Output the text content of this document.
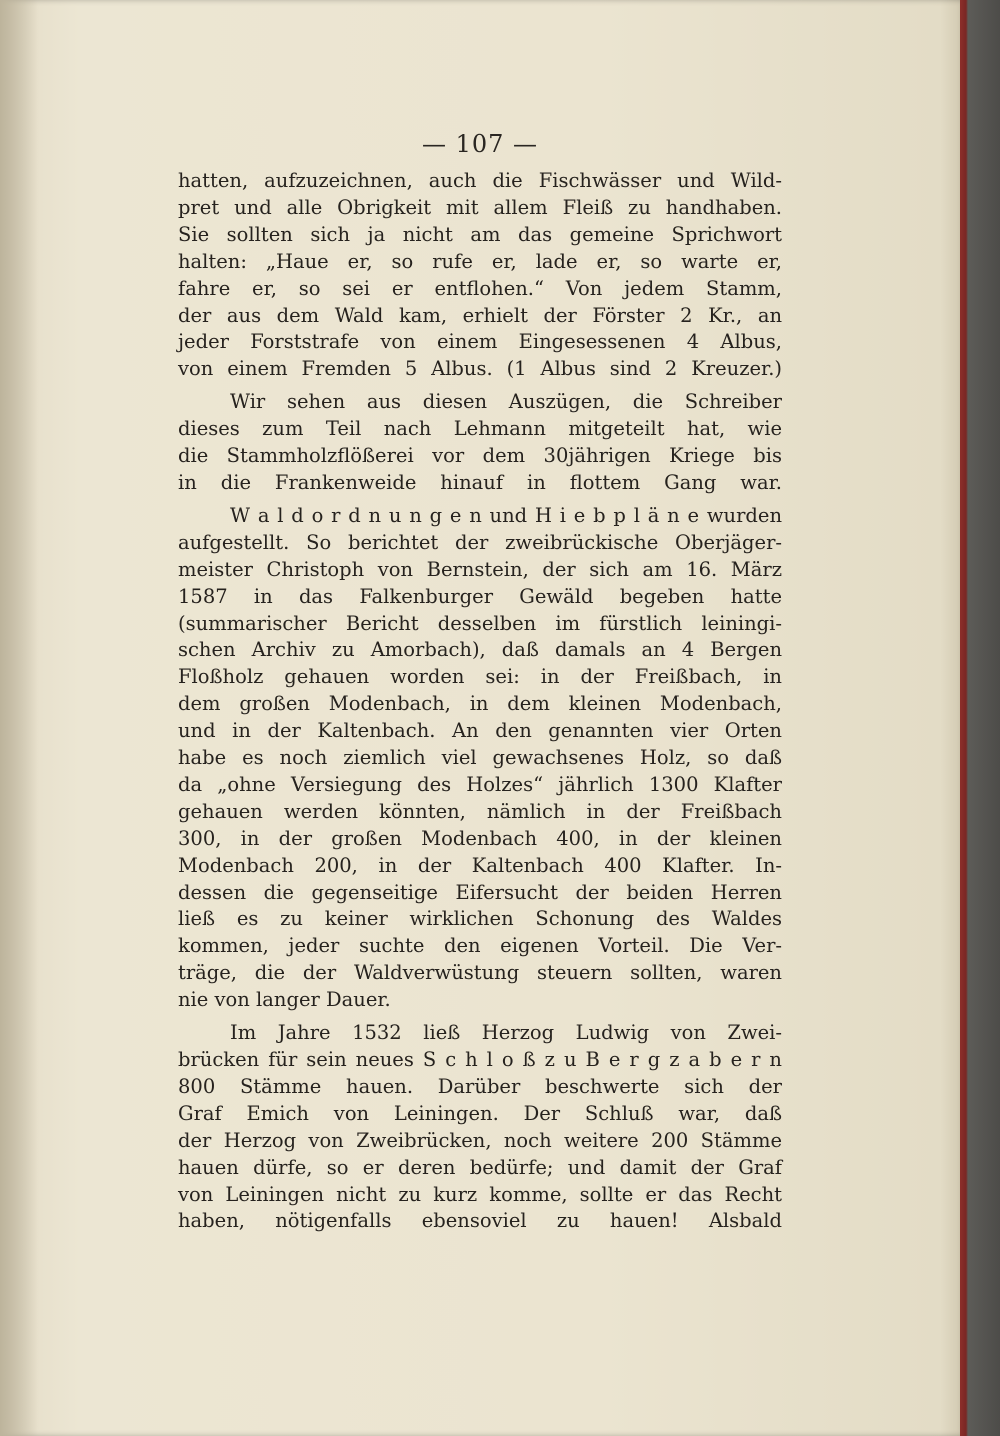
— 107 —
hatten, aufzuzeichnen, auch die Fischwässer und Wild-
pret und alle Obrigkeit mit allem Fleiß zu handhaben.
Sie sollten sich ja nicht am das gemeine Sprichwort
halten: „Haue er, so rufe er, lade er, so warte er,
fahre er, so sei er entflohen.“ Von jedem Stamm,
der aus dem Wald kam, erhielt der Förster 2 Kr., an
jeder Forststrafe von einem Eingesessenen 4 Albus,
von einem Fremden 5 Albus. (1 Albus sind 2 Kreuzer.)
Wir sehen aus diesen Auszügen, die Schreiber
dieses zum Teil nach Lehmann mitgeteilt hat, wie
die Stammholzflößerei vor dem 30jährigen Kriege bis
in die Frankenweide hinauf in flottem Gang war.
W a l d o r d n u n g e n und H i e b p l ä n e wurden
aufgestellt. So berichtet der zweibrückische Oberjäger-
meister Christoph von Bernstein, der sich am 16. März
1587 in das Falkenburger Gewäld begeben hatte
(summarischer Bericht desselben im fürstlich leiningi-
schen Archiv zu Amorbach), daß damals an 4 Bergen
Floßholz gehauen worden sei: in der Freißbach, in
dem großen Modenbach, in dem kleinen Modenbach,
und in der Kaltenbach. An den genannten vier Orten
habe es noch ziemlich viel gewachsenes Holz, so daß
da „ohne Versiegung des Holzes“ jährlich 1300 Klafter
gehauen werden könnten, nämlich in der Freißbach
300, in der großen Modenbach 400, in der kleinen
Modenbach 200, in der Kaltenbach 400 Klafter. In-
dessen die gegenseitige Eifersucht der beiden Herren
ließ es zu keiner wirklichen Schonung des Waldes
kommen, jeder suchte den eigenen Vorteil. Die Ver-
träge, die der Waldverwüstung steuern sollten, waren
nie von langer Dauer.
Im Jahre 1532 ließ Herzog Ludwig von Zwei-
brücken für sein neues S c h l o ß z u B e r g z a b e r n
800 Stämme hauen. Darüber beschwerte sich der
Graf Emich von Leiningen. Der Schluß war, daß
der Herzog von Zweibrücken, noch weitere 200 Stämme
hauen dürfe, so er deren bedürfe; und damit der Graf
von Leiningen nicht zu kurz komme, sollte er das Recht
haben, nötigenfalls ebensoviel zu hauen! Alsbald
